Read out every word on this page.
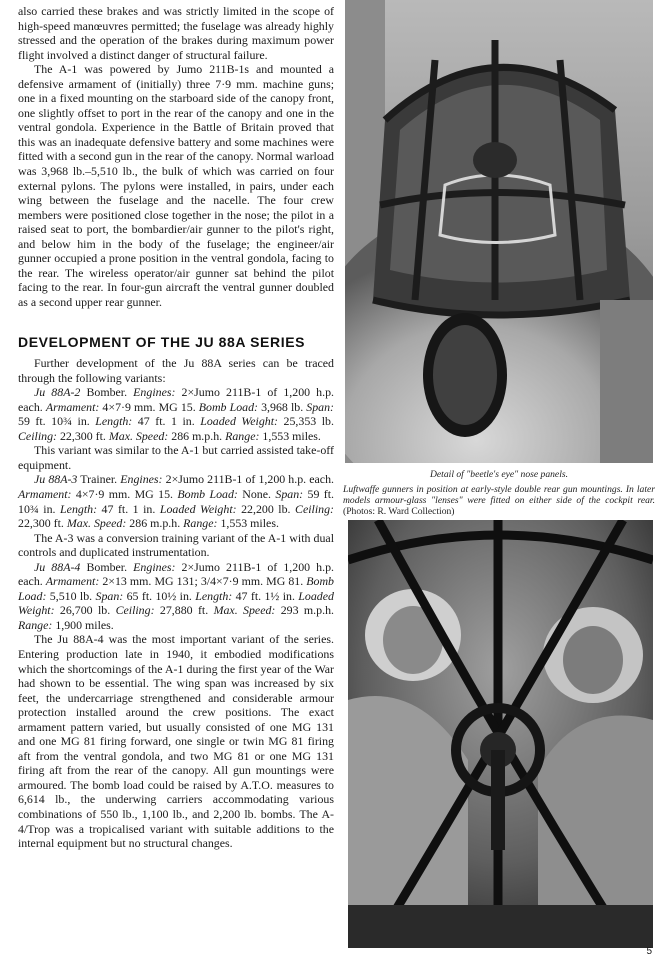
also carried these brakes and was strictly limited in the scope of high-speed manœuvres permitted; the fuselage was already highly stressed and the operation of the brakes during maximum power flight involved a distinct danger of structural failure.

The A-1 was powered by Jumo 211B-1s and mounted a defensive armament of (initially) three 7·9 mm. machine guns; one in a fixed mounting on the starboard side of the canopy front, one slightly offset to port in the rear of the canopy and one in the ventral gondola. Experience in the Battle of Britain proved that this was an inadequate defensive battery and some machines were fitted with a second gun in the rear of the canopy. Normal warload was 3,968 lb.–5,510 lb., the bulk of which was carried on four external pylons. The pylons were installed, in pairs, under each wing between the fuselage and the nacelle. The four crew members were positioned close together in the nose; the pilot in a raised seat to port, the bombardier/air gunner to the pilot's right, and below him in the body of the fuselage; the engineer/air gunner occupied a prone position in the ventral gondola, facing to the rear. The wireless operator/air gunner sat behind the pilot facing to the rear. In four-gun aircraft the ventral gunner doubled as a second upper rear gunner.

DEVELOPMENT OF THE JU 88A SERIES

Further development of the Ju 88A series can be traced through the following variants:

Ju 88A-2 Bomber. Engines: 2×Jumo 211B-1 of 1,200 h.p. each. Armament: 4×7·9 mm. MG 15. Bomb Load: 3,968 lb. Span: 59 ft. 10¾ in. Length: 47 ft. 1 in. Loaded Weight: 25,353 lb. Ceiling: 22,300 ft. Max. Speed: 286 m.p.h. Range: 1,553 miles.

This variant was similar to the A-1 but carried assisted take-off equipment.

Ju 88A-3 Trainer. Engines: 2×Jumo 211B-1 of 1,200 h.p. each. Armament: 4×7·9 mm. MG 15. Bomb Load: None. Span: 59 ft. 10¾ in. Length: 47 ft. 1 in. Loaded Weight: 22,200 lb. Ceiling: 22,300 ft. Max. Speed: 286 m.p.h. Range: 1,553 miles.

The A-3 was a conversion training variant of the A-1 with dual controls and duplicated instrumentation.

Ju 88A-4 Bomber. Engines: 2×Jumo 211B-1 of 1,200 h.p. each. Armament: 2×13 mm. MG 131; 3/4×7·9 mm. MG 81. Bomb Load: 5,510 lb. Span: 65 ft. 10½ in. Length: 47 ft. 1½ in. Loaded Weight: 26,700 lb. Ceiling: 27,880 ft. Max. Speed: 293 m.p.h. Range: 1,900 miles.

The Ju 88A-4 was the most important variant of the series. Entering production late in 1940, it embodied modifications which the shortcomings of the A-1 during the first year of the War had shown to be essential. The wing span was increased by six feet, the undercarriage strengthened and considerable armour protection installed around the crew positions. The exact armament pattern varied, but usually consisted of one MG 131 and one MG 81 firing forward, one single or twin MG 81 firing aft from the ventral gondola, and two MG 81 or one MG 131 firing aft from the rear of the canopy. All gun mountings were armoured. The bomb load could be raised by A.T.O. measures to 6,614 lb., the underwing carriers accommodating various combinations of 550 lb., 1,100 lb., and 2,200 lb. bombs. The A-4/Trop was a tropicalised variant with suitable additions to the internal equipment but no structural changes.

Detail of "beetle's eye" nose panels.
Luftwaffe gunners in position at early-style double rear gun mountings. In later models armour-glass "lenses" were fitted on either side of the cockpit rear. (Photos: R. Ward Collection)
5
